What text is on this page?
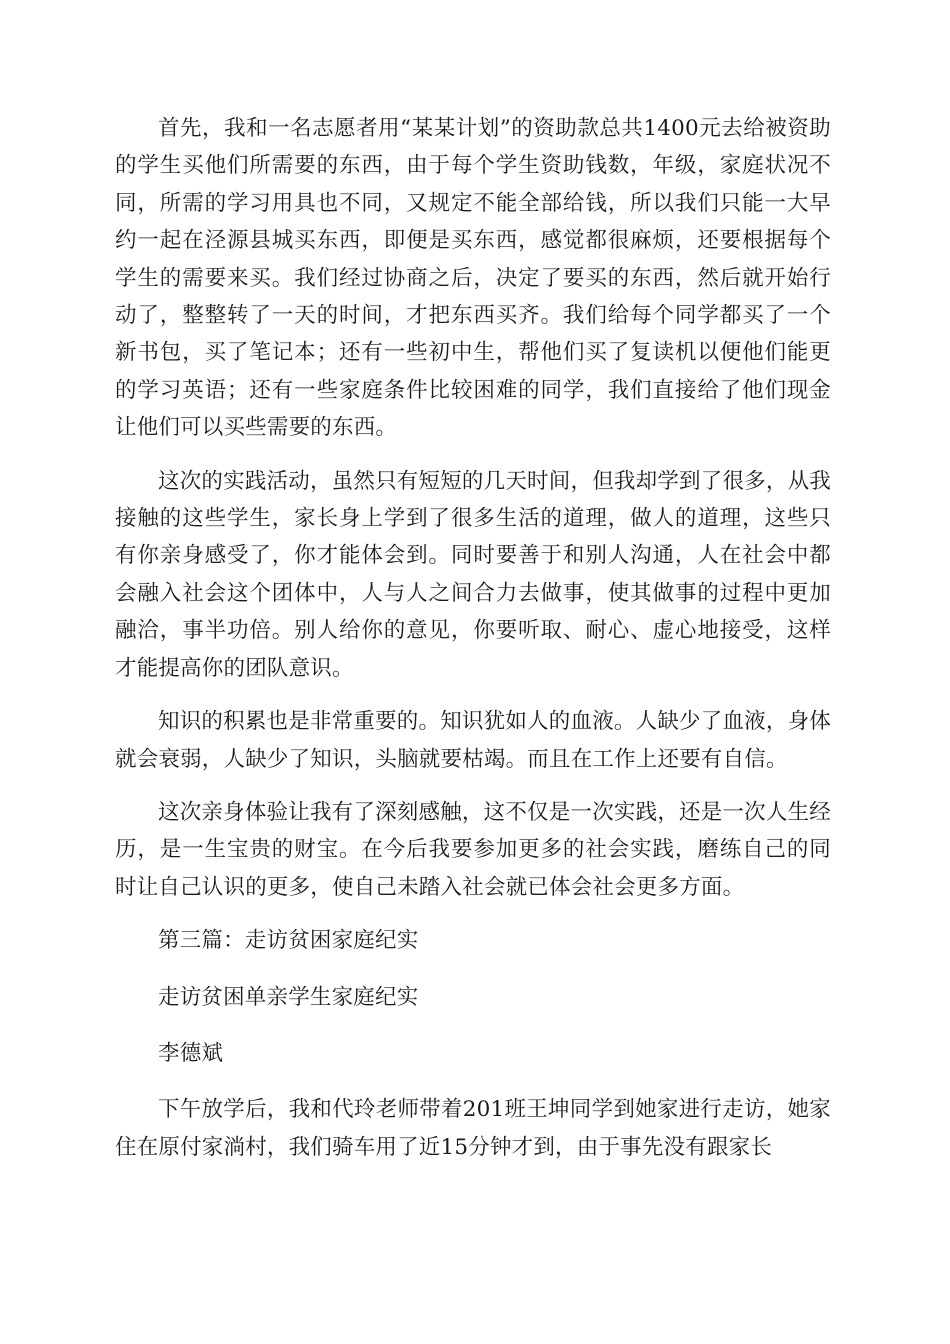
首先，我和一名志愿者用“某某计划”的资助款总共1400元去给被资助的学生买他们所需要的东西，由于每个学生资助钱数，年级，家庭状况不同，所需的学习用具也不同，又规定不能全部给钱，所以我们只能一大早约一起在泾源县城买东西，即便是买东西，感觉都很麻烦，还要根据每个学生的需要来买。我们经过协商之后，决定了要买的东西，然后就开始行动了，整整转了一天的时间，才把东西买齐。我们给每个同学都买了一个新书包，买了笔记本；还有一些初中生，帮他们买了复读机以便他们能更的学习英语；还有一些家庭条件比较困难的同学，我们直接给了他们现金让他们可以买些需要的东西。

这次的实践活动，虽然只有短短的几天时间，但我却学到了很多，从我接触的这些学生，家长身上学到了很多生活的道理，做人的道理，这些只有你亲身感受了，你才能体会到。同时要善于和别人沟通，人在社会中都会融入社会这个团体中，人与人之间合力去做事，使其做事的过程中更加融洽，事半功倍。别人给你的意见，你要听取、耐心、虚心地接受，这样才能提高你的团队意识。

知识的积累也是非常重要的。知识犹如人的血液。人缺少了血液，身体就会衰弱，人缺少了知识，头脑就要枯竭。而且在工作上还要有自信。

这次亲身体验让我有了深刻感触，这不仅是一次实践，还是一次人生经历，是一生宝贵的财宝。在今后我要参加更多的社会实践，磨练自己的同时让自己认识的更多，使自己未踏入社会就已体会社会更多方面。

第三篇：走访贫困家庭纪实

走访贫困单亲学生家庭纪实

李德斌

下午放学后，我和代玲老师带着201班王坤同学到她家进行走访，她家住在原付家淌村，我们骑车用了近15分钟才到，由于事先没有跟家长
